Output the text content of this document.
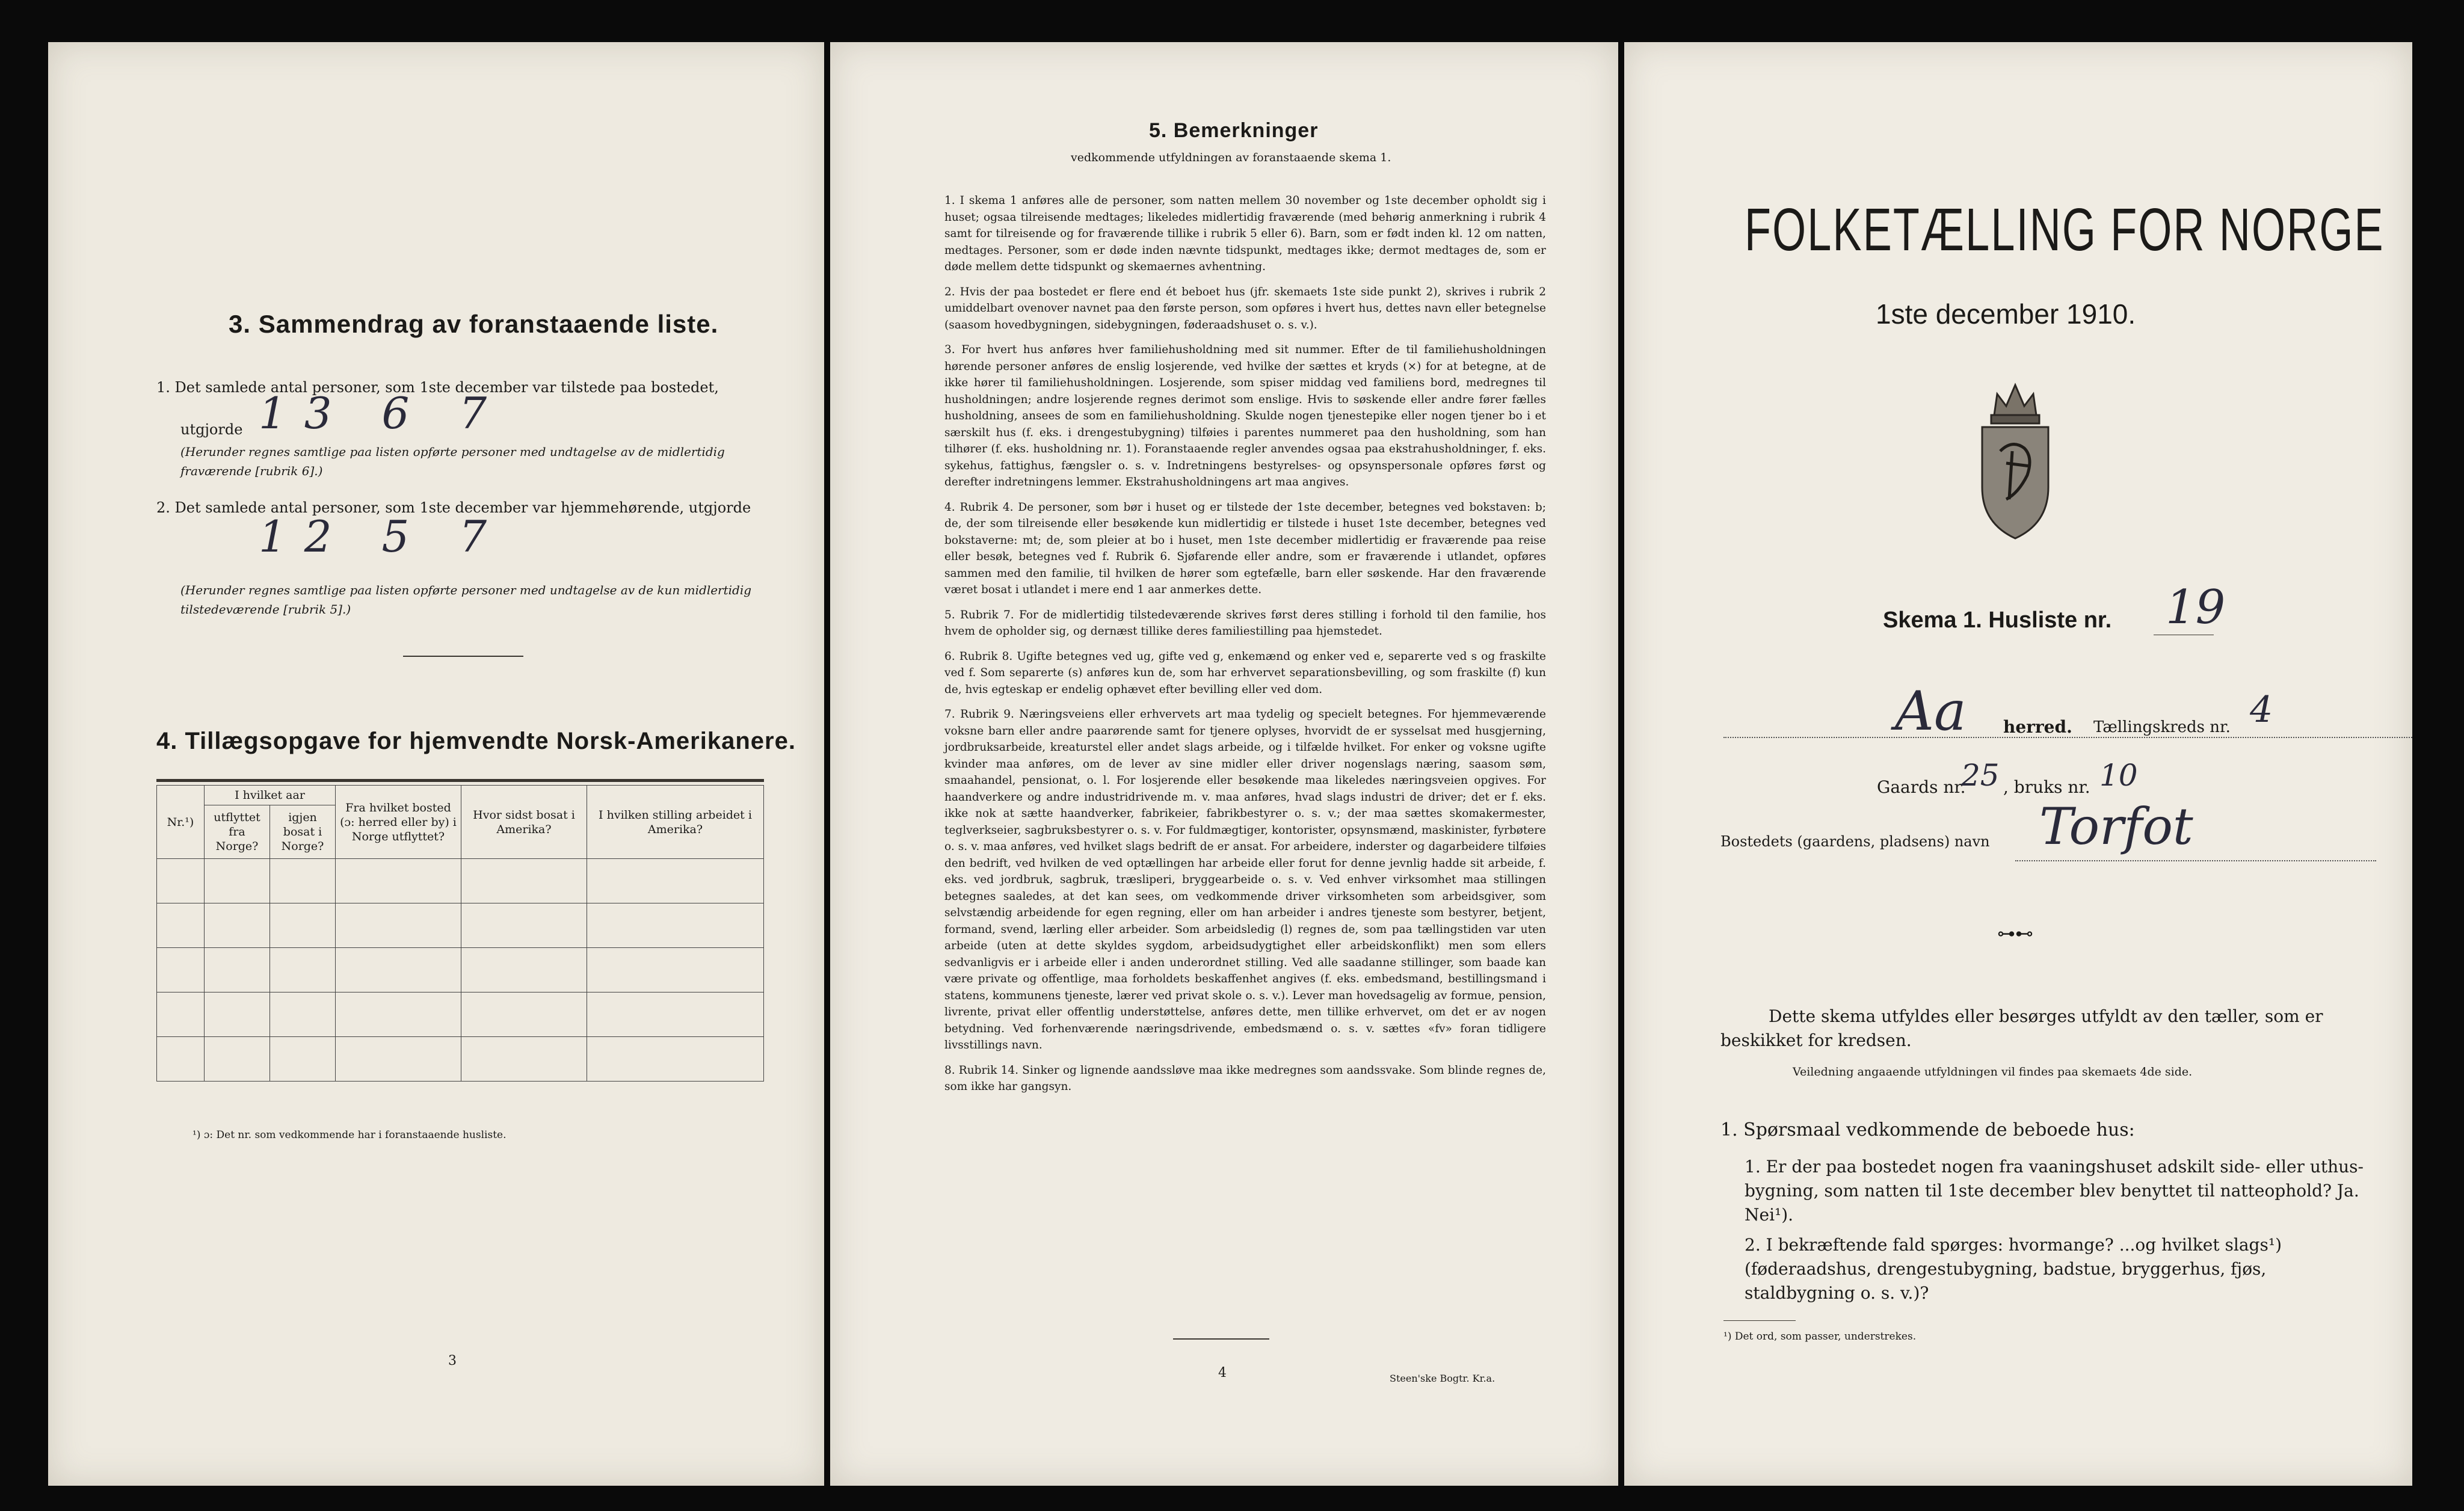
3. Sammendrag av foranstaaende liste.
1. Det samlede antal personer, som 1ste december var tilstede paa bostedet,
utgjorde 13 6 7
(Herunder regnes samtlige paa listen opførte personer med undtagelse av de midlertidig fraværende [rubrik 6].)
2. Det samlede antal personer, som 1ste december var hjemmehørende, utgjorde
12 5 7
(Herunder regnes samtlige paa listen opførte personer med undtagelse av de kun midlertidig tilstedeværende [rubrik 5].)
4. Tillægsopgave for hjemvendte Norsk-Amerikanere.
Nr.¹)	I hvilket aar		Fra hvilket bosted (ɔ: herred eller by) i Norge utflyttet?	Hvor sidst bosat i Amerika?	I hvilken stilling arbeidet i Amerika?
	utflyttet fra Norge?	igjen bosat i Norge?			

¹) ɔ: Det nr. som vedkommende har i foranstaaende husliste.
3
5. Bemerkninger
vedkommende utfyldningen av foranstaaende skema 1.

1. I skema 1 anføres alle de personer, som natten mellem 30 november og 1ste december opholdt sig i huset; ogsaa tilreisende medtages; likeledes midlertidig fraværende (med behørig anmerkning i rubrik 4 samt for tilreisende og for fraværende tillike i rubrik 5 eller 6). Barn, som er født inden kl. 12 om natten, medtages. Personer, som er døde inden nævnte tidspunkt, medtages ikke; dermot medtages de, som er døde mellem dette tidspunkt og skemaernes avhentning.

2. Hvis der paa bostedet er flere end ét beboet hus (jfr. skemaets 1ste side punkt 2), skrives i rubrik 2 umiddelbart ovenover navnet paa den første person, som opføres i hvert hus, dettes navn eller betegnelse (saasom hovedbygningen, sidebygningen, føderaadshuset o. s. v.).

3. For hvert hus anføres hver familiehusholdning med sit nummer. Efter de til familiehusholdningen hørende personer anføres de enslig losjerende, ved hvilke der sættes et kryds (×) for at betegne, at de ikke hører til familiehusholdningen. Losjerende, som spiser middag ved familiens bord, medregnes til husholdningen; andre losjerende regnes derimot som enslige. Hvis to søskende eller andre fører fælles husholdning, ansees de som en familiehusholdning. Skulde nogen tjenestepike eller nogen tjener bo i et særskilt hus (f. eks. i drengestubygning) tilføies i parentes nummeret paa den husholdning, som han tilhører (f. eks. husholdning nr. 1). Foranstaaende regler anvendes ogsaa paa ekstrahusholdninger, f. eks. sykehus, fattighus, fængsler o. s. v. Indretningens bestyrelses- og opsynspersonale opføres først og derefter indretningens lemmer. Ekstrahusholdningens art maa angives.

4. Rubrik 4. De personer, som bør i huset og er tilstede der 1ste december, betegnes ved bokstaven: b; de, der som tilreisende eller besøkende kun midlertidig er tilstede i huset 1ste december, betegnes ved bokstaverne: mt; de, som pleier at bo i huset, men 1ste december midlertidig er fraværende paa reise eller besøk, betegnes ved f. Rubrik 6. Sjøfarende eller andre, som er fraværende i utlandet, opføres sammen med den familie, til hvilken de hører som egtefælle, barn eller søskende. Har den fraværende været bosat i utlandet i mere end 1 aar anmerkes dette.

5. Rubrik 7. For de midlertidig tilstedeværende skrives først deres stilling i forhold til den familie, hos hvem de opholder sig, og dernæst tillike deres familiestilling paa hjemstedet.

6. Rubrik 8. Ugifte betegnes ved ug, gifte ved g, enkemænd og enker ved e, separerte ved s og fraskilte ved f. Som separerte (s) anføres kun de, som har erhvervet separationsbevilling, og som fraskilte (f) kun de, hvis egteskap er endelig ophævet efter bevilling eller ved dom.

7. Rubrik 9. Næringsveiens eller erhvervets art maa tydelig og specielt betegnes. For hjemmeværende voksne barn eller andre paarørende samt for tjenere oplyses, hvorvidt de er sysselsat med husgjerning, jordbruksarbeide, kreaturstel eller andet slags arbeide, og i tilfælde hvilket. For enker og voksne ugifte kvinder maa anføres, om de lever av sine midler eller driver nogenslags næring, saasom søm, smaahandel, pensionat, o. l. For losjerende eller besøkende maa likeledes næringsveien opgives. For haandverkere og andre industridrivende m. v. maa anføres, hvad slags industri de driver; det er f. eks. ikke nok at sætte haandverker, fabrikeier, fabrikbestyrer o. s. v.; der maa sættes skomakermester, teglverkseier, sagbruksbestyrer o. s. v. For fuldmægtiger, kontorister, opsynsmænd, maskinister, fyrbøtere o. s. v. maa anføres, ved hvilket slags bedrift de er ansat. For arbeidere, inderster og dagarbeidere tilføies den bedrift, ved hvilken de ved optællingen har arbeide eller forut for denne jevnlig hadde sit arbeide, f. eks. ved jordbruk, sagbruk, træsliperi, bryggearbeide o. s. v. Ved enhver virksomhet maa stillingen betegnes saaledes, at det kan sees, om vedkommende driver virksomheten som arbeidsgiver, som selvstændig arbeidende for egen regning, eller om han arbeider i andres tjeneste som bestyrer, betjent, formand, svend, lærling eller arbeider. Som arbeidsledig (l) regnes de, som paa tællingstiden var uten arbeide (uten at dette skyldes sygdom, arbeidsudygtighet eller arbeidskonflikt) men som ellers sedvanligvis er i arbeide eller i anden underordnet stilling. Ved alle saadanne stillinger, som baade kan være private og offentlige, maa forholdets beskaffenhet angives (f. eks. embedsmand, bestillingsmand i statens, kommunens tjeneste, lærer ved privat skole o. s. v.). Lever man hovedsagelig av formue, pension, livrente, privat eller offentlig understøttelse, anføres dette, men tillike erhvervet, om det er av nogen betydning. Ved forhenværende næringsdrivende, embedsmænd o. s. v. sættes «fv» foran tidligere livsstillings navn.

8. Rubrik 14. Sinker og lignende aandssløve maa ikke medregnes som aandssvake. Som blinde regnes de, som ikke har gangsyn.

4	Steen'ske Bogtr. Kr.a.
FOLKETÆLLING FOR NORGE
1ste december 1910.
Skema 1. Husliste nr. 19
Aa herred. Tællingskreds nr. 4
Gaards nr.
25 , bruks nr. 10
Bostedets (gaardens, pladsens) navn Torfot
⊶⊷
Dette skema utfyldes eller besørges utfyldt av den tæller, som er beskikket for kredsen.
Veiledning angaaende utfyldningen vil findes paa skemaets 4de side.
1. Spørsmaal vedkommende de beboede hus:
1. Er der paa bostedet nogen fra vaaningshuset adskilt side- eller uthus-bygning, som natten til 1ste december blev benyttet til natteophold? Ja. Nei¹).
2. I bekræftende fald spørges: hvormange? ...og hvilket slags¹) (føderaadshus, drengestubygning, badstue, bryggerhus, fjøs, staldbygning o. s. v.)?
¹) Det ord, som passer, understrekes.
